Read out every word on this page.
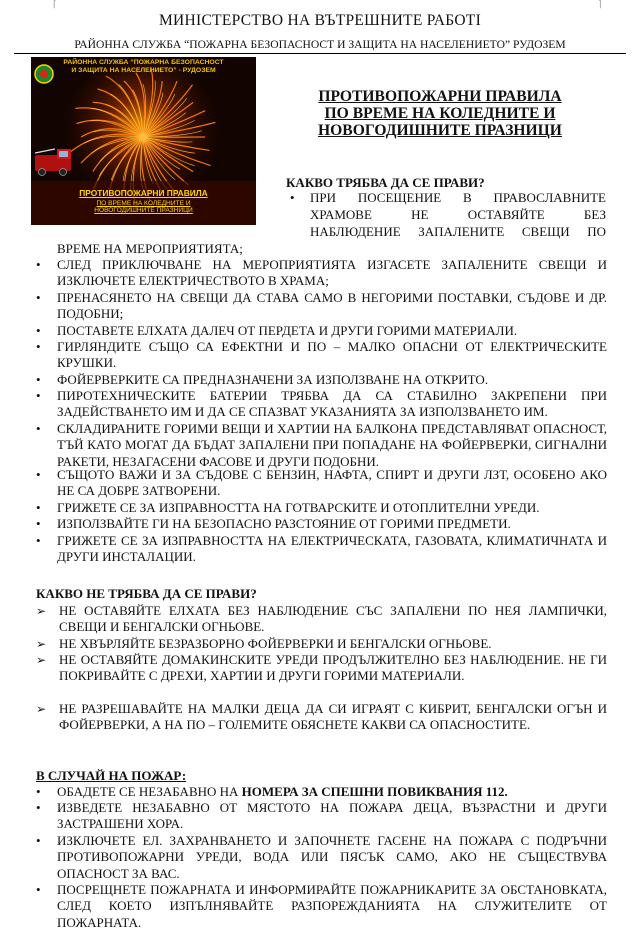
⌈	⌉
МИНІСТЕРСТВО НА ВЪТРЕШНИТЕ РАБОТІ
РАЙОННА СЛУЖБА “ПОЖАРНА БЕЗОПАСНОСТ И ЗАЩИТА НА НАСЕЛЕНИЕТО” РУДОЗЕМ
РАЙОННА СЛУЖБА “ПОЖАРНА БЕЗОПАСНОСТ
И ЗАЩИТА НА НАСЕЛЕНИЕТО” - РУДОЗЕМ
ПРОТИВОПОЖАРНИ ПРАВИЛА
ПО ВРЕМЕ НА КОЛЕДНИТЕ И
НОВОГОДИШНИТЕ ПРАЗНИЦИ
ПРОТИВОПОЖАРНИ ПРАВИЛА
ПО ВРЕМЕ НА КОЛЕДНИТЕ И
НОВОГОДИШНИТЕ ПРАЗНИЦИ
КАКВО ТРЯБВА ДА СЕ ПРАВИ?
• ПРИ ПОСЕЩЕНИЕ В ПРАВОСЛАВНИТЕ
ХРАМОВЕ НЕ ОСТАВЯЙТЕ БЕЗ
НАБЛЮДЕНИЕ ЗАПАЛЕНИТЕ СВЕЩИ ПО
ВРЕМЕ НА МЕРОПРИЯТИЯТА;
• СЛЕД ПРИКЛЮЧВАНЕ НА МЕРОПРИЯТИЯТА ИЗГАСЕТЕ ЗАПАЛЕНИТЕ СВЕЩИ И ИЗКЛЮЧЕТЕ ЕЛЕКТРИЧЕСТВОТО В ХРАМА;
• ПРЕНАСЯНЕТО НА СВЕЩИ ДА СТАВА САМО В НЕГОРИМИ ПОСТАВКИ, СЪДОВЕ И ДР. ПОДОБНИ;
• ПОСТАВЕТЕ ЕЛХАТА ДАЛЕЧ ОТ ПЕРДЕТА И ДРУГИ ГОРИМИ МАТЕРИАЛИ.
• ГИРЛЯНДИТЕ СЪЩО СА ЕФЕКТНИ И ПО – МАЛКО ОПАСНИ ОТ ЕЛЕКТРИЧЕСКИТЕ КРУШКИ.
• ФОЙЕРВЕРКИТЕ СА ПРЕДНАЗНАЧЕНИ ЗА ИЗПОЛЗВАНЕ НА ОТКРИТО.
• ПИРОТЕХНИЧЕСКИТЕ БАТЕРИИ ТРЯБВА ДА СА СТАБИЛНО ЗАКРЕПЕНИ ПРИ ЗАДЕЙСТВАНЕТО ИМ И ДА СЕ СПАЗВАТ УКАЗАНИЯТА ЗА ИЗПОЛЗВАНЕТО ИМ.
• СКЛАДИРАНИТЕ ГОРИМИ ВЕЩИ И ХАРТИИ НА БАЛКОНА ПРЕДСТАВЛЯВАТ ОПАСНОСТ, ТЪЙ КАТО МОГАТ ДА БЪДАТ ЗАПАЛЕНИ ПРИ ПОПАДАНЕ НА ФОЙЕРВЕРКИ, СИГНАЛНИ РАКЕТИ, НЕЗАГАСЕНИ ФАСОВЕ И ДРУГИ ПОДОБНИ.
• СЪЩОТО ВАЖИ И ЗА СЪДОВЕ С БЕНЗИН, НАФТА, СПИРТ И ДРУГИ ЛЗТ, ОСОБЕНО АКО НЕ СА ДОБРЕ ЗАТВОРЕНИ.
• ГРИЖЕТЕ СЕ ЗА ИЗПРАВНОСТТА НА ГОТВАРСКИТЕ И ОТОПЛИТЕЛНИ УРЕДИ.
• ИЗПОЛЗВАЙТЕ ГИ НА БЕЗОПАСНО РАЗСТОЯНИЕ ОТ ГОРИМИ ПРЕДМЕТИ.
• ГРИЖЕТЕ СЕ ЗА ИЗПРАВНОСТТА НА ЕЛЕКТРИЧЕСКАТА, ГАЗОВАТА, КЛИМАТИЧНАТА И ДРУГИ ИНСТАЛАЦИИ.
КАКВО НЕ ТРЯБВА ДА СЕ ПРАВИ?
➢ НЕ ОСТАВЯЙТЕ ЕЛХАТА БЕЗ НАБЛЮДЕНИЕ СЪС ЗАПАЛЕНИ ПО НЕЯ ЛАМПИЧКИ, СВЕЩИ И БЕНГАЛСКИ ОГНЬОВЕ.
➢ НЕ ХВЪРЛЯЙТЕ БЕЗРАЗБОРНО ФОЙЕРВЕРКИ И БЕНГАЛСКИ ОГНЬОВЕ.
➢ НЕ ОСТАВЯЙТЕ ДОМАКИНСКИТЕ УРЕДИ ПРОДЪЛЖИТЕЛНО БЕЗ НАБЛЮДЕНИЕ. НЕ ГИ ПОКРИВАЙТЕ С ДРЕХИ, ХАРТИИ И ДРУГИ ГОРИМИ МАТЕРИАЛИ.
➢ НЕ РАЗРЕШАВАЙТЕ НА МАЛКИ ДЕЦА ДА СИ ИГРАЯТ С КИБРИТ, БЕНГАЛСКИ ОГЪН И ФОЙЕРВЕРКИ, А НА ПО – ГОЛЕМИТЕ ОБЯСНЕТЕ КАКВИ СА ОПАСНОСТИТЕ.
В СЛУЧАЙ НА ПОЖАР:
• ОБАДЕТЕ СЕ НЕЗАБАВНО НА НОМЕРА ЗА СПЕШНИ ПОВИКВАНИЯ 112.
• ИЗВЕДЕТЕ НЕЗАБАВНО ОТ МЯСТОТО НА ПОЖАРА ДЕЦА, ВЪЗРАСТНИ И ДРУГИ ЗАСТРАШЕНИ ХОРА.
• ИЗКЛЮЧЕТЕ ЕЛ. ЗАХРАНВАНЕТО И ЗАПОЧНЕТЕ ГАСЕНЕ НА ПОЖАРА С ПОДРЪЧНИ ПРОТИВОПОЖАРНИ УРЕДИ, ВОДА ИЛИ ПЯСЪК САМО, АКО НЕ СЪЩЕСТВУВА ОПАСНОСТ ЗА ВАС.
• ПОСРЕЩНЕТЕ ПОЖАРНАТА И ИНФОРМИРАЙТЕ ПОЖАРНИКАРИТЕ ЗА ОБСТАНОВКАТА, СЛЕД КОЕТО ИЗПЪЛНЯВАЙТЕ РАЗПОРЕЖДАНИЯТА НА СЛУЖИТЕЛИТЕ ОТ ПОЖАРНАТА.
